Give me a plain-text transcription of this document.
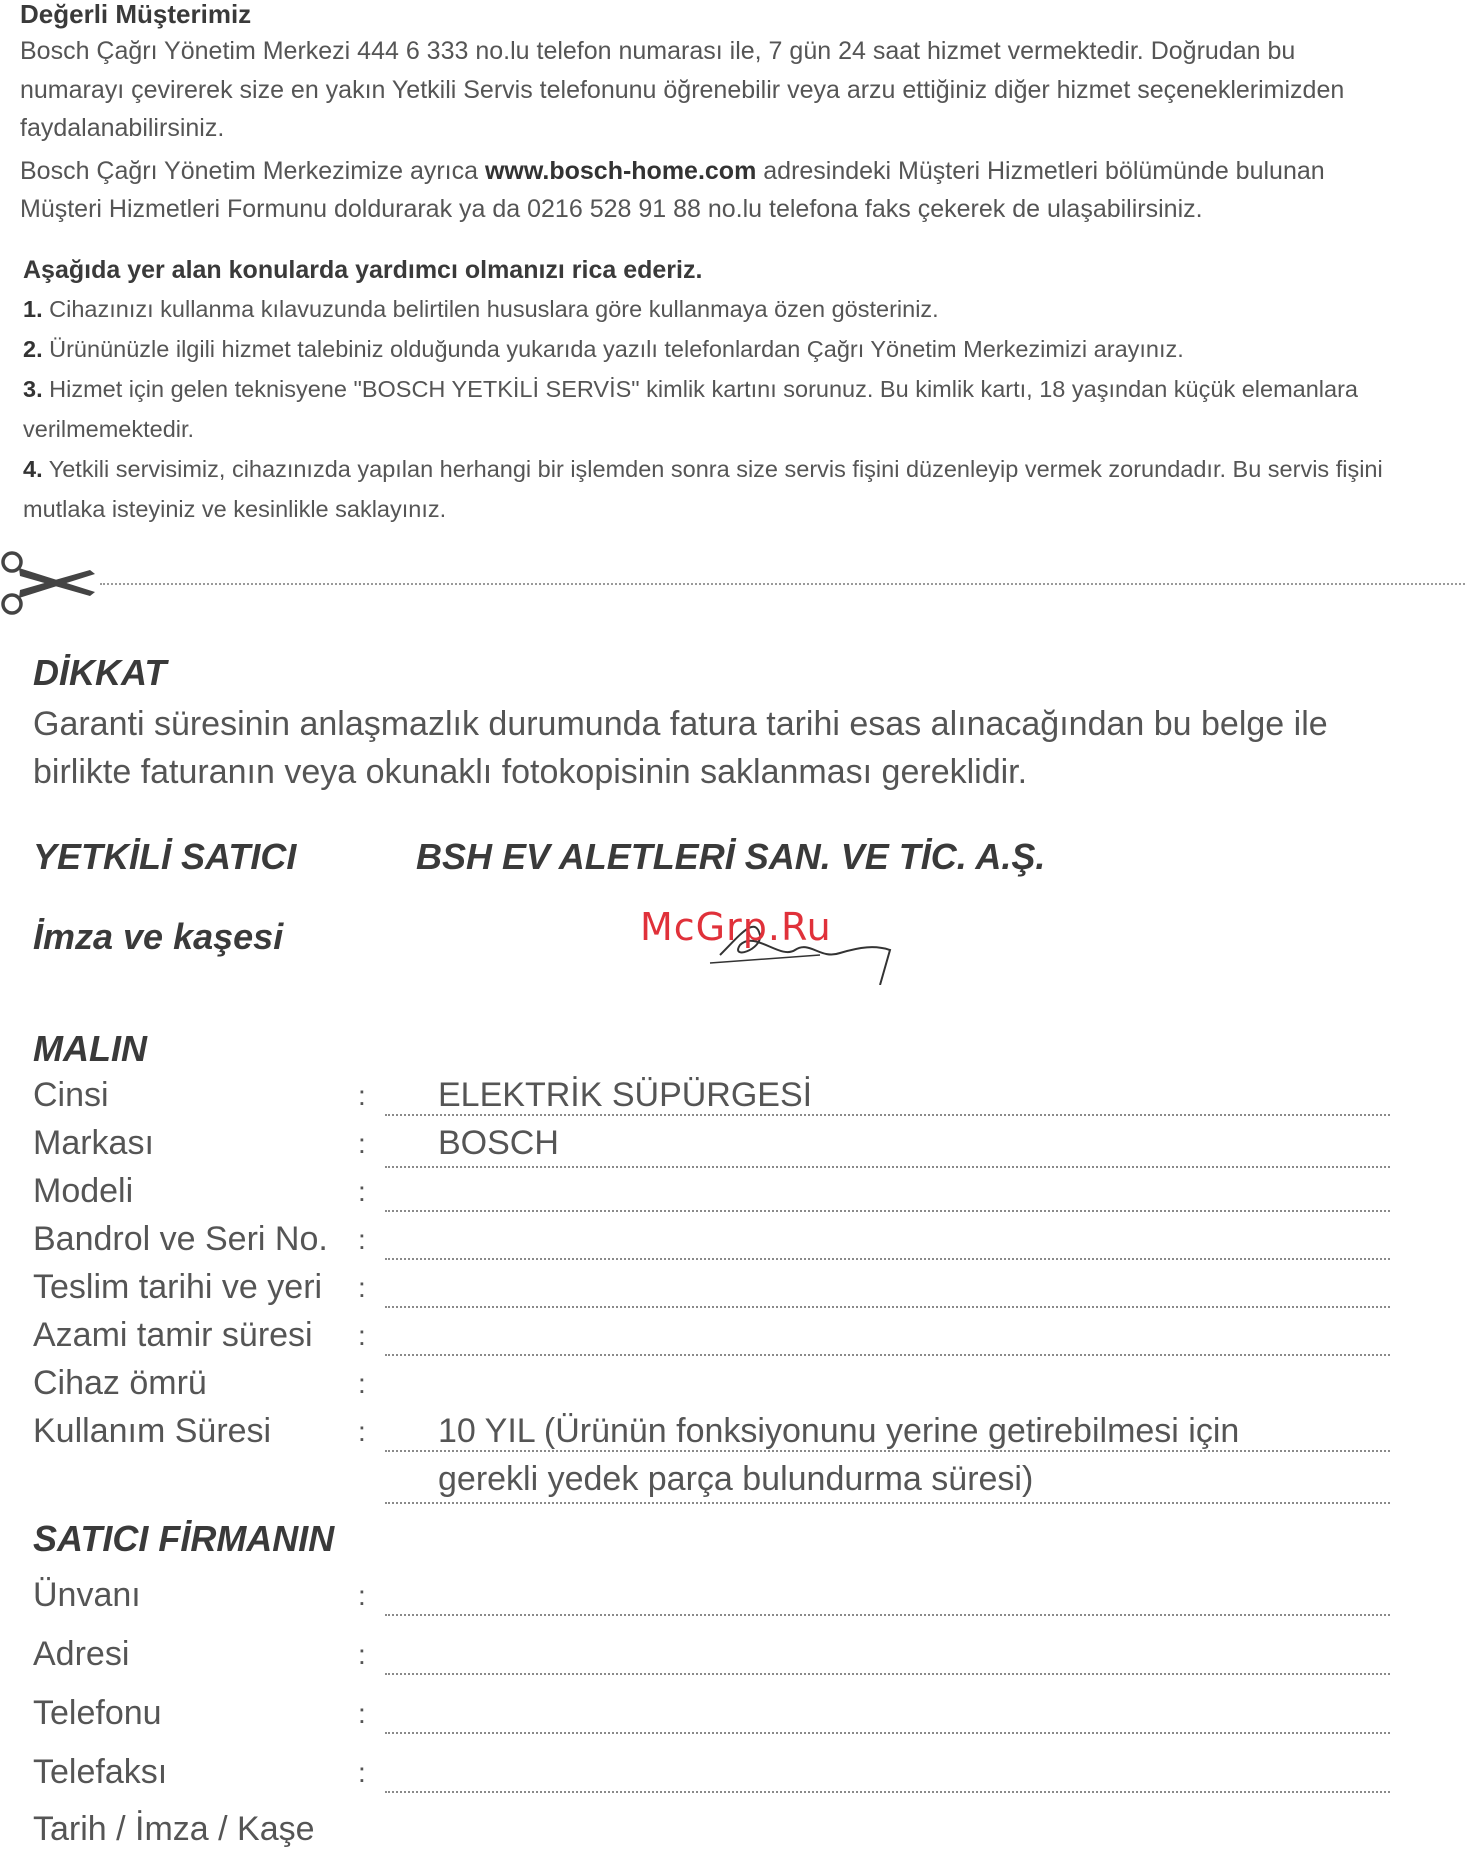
Değerli Müşterimiz

Bosch Çağrı Yönetim Merkezi 444 6 333 no.lu telefon numarası ile, 7 gün 24 saat hizmet vermektedir. Doğrudan bu numarayı çevirerek size en yakın Yetkili Servis telefonunu öğrenebilir veya arzu ettiğiniz diğer hizmet seçeneklerimizden faydalanabilirsiniz.

Bosch Çağrı Yönetim Merkezimize ayrıca www.bosch-home.com adresindeki Müşteri Hizmetleri bölümünde bulunan Müşteri Hizmetleri Formunu doldurarak ya da 0216 528 91 88 no.lu telefona faks çekerek de ulaşabilirsiniz.

Aşağıda yer alan konularda yardımcı olmanızı rica ederiz.

1. Cihazınızı kullanma kılavuzunda belirtilen hususlara göre kullanmaya özen gösteriniz.
2. Ürününüzle ilgili hizmet talebiniz olduğunda yukarıda yazılı telefonlardan Çağrı Yönetim Merkezimizi arayınız.
3. Hizmet için gelen teknisyene "BOSCH YETKİLİ SERVİS" kimlik kartını sorunuz. Bu kimlik kartı, 18 yaşından küçük elemanlara verilmemektedir.
4. Yetkili servisimiz, cihazınızda yapılan herhangi bir işlemden sonra size servis fişini düzenleyip vermek zorundadır. Bu servis fişini mutlaka isteyiniz ve kesinlikle saklayınız.
DİKKAT
Garanti süresinin anlaşmazlık durumunda fatura tarihi esas alınacağından bu belge ile birlikte faturanın veya okunaklı fotokopisinin saklanması gereklidir.
YETKİLİ SATICI	BSH EV ALETLERİ SAN. VE TİC. A.Ş.
İmza ve kaşesi	McGrp.Ru
MALIN
Cinsi	: ELEKTRİK SÜPÜRGESİ
Markası	: BOSCH
Modeli	:
Bandrol ve Seri No. :
Teslim tarihi ve yeri :
Azami tamir süresi :
Cihaz ömrü	:
Kullanım Süresi	: 10 YIL (Ürünün fonksiyonunu yerine getirebilmesi için
gerekli yedek parça bulundurma süresi)
SATICI FİRMANIN
Ünvanı	:
Adresi	:
Telefonu	:
Telefaksı	:
Tarih / İmza / Kaşe
